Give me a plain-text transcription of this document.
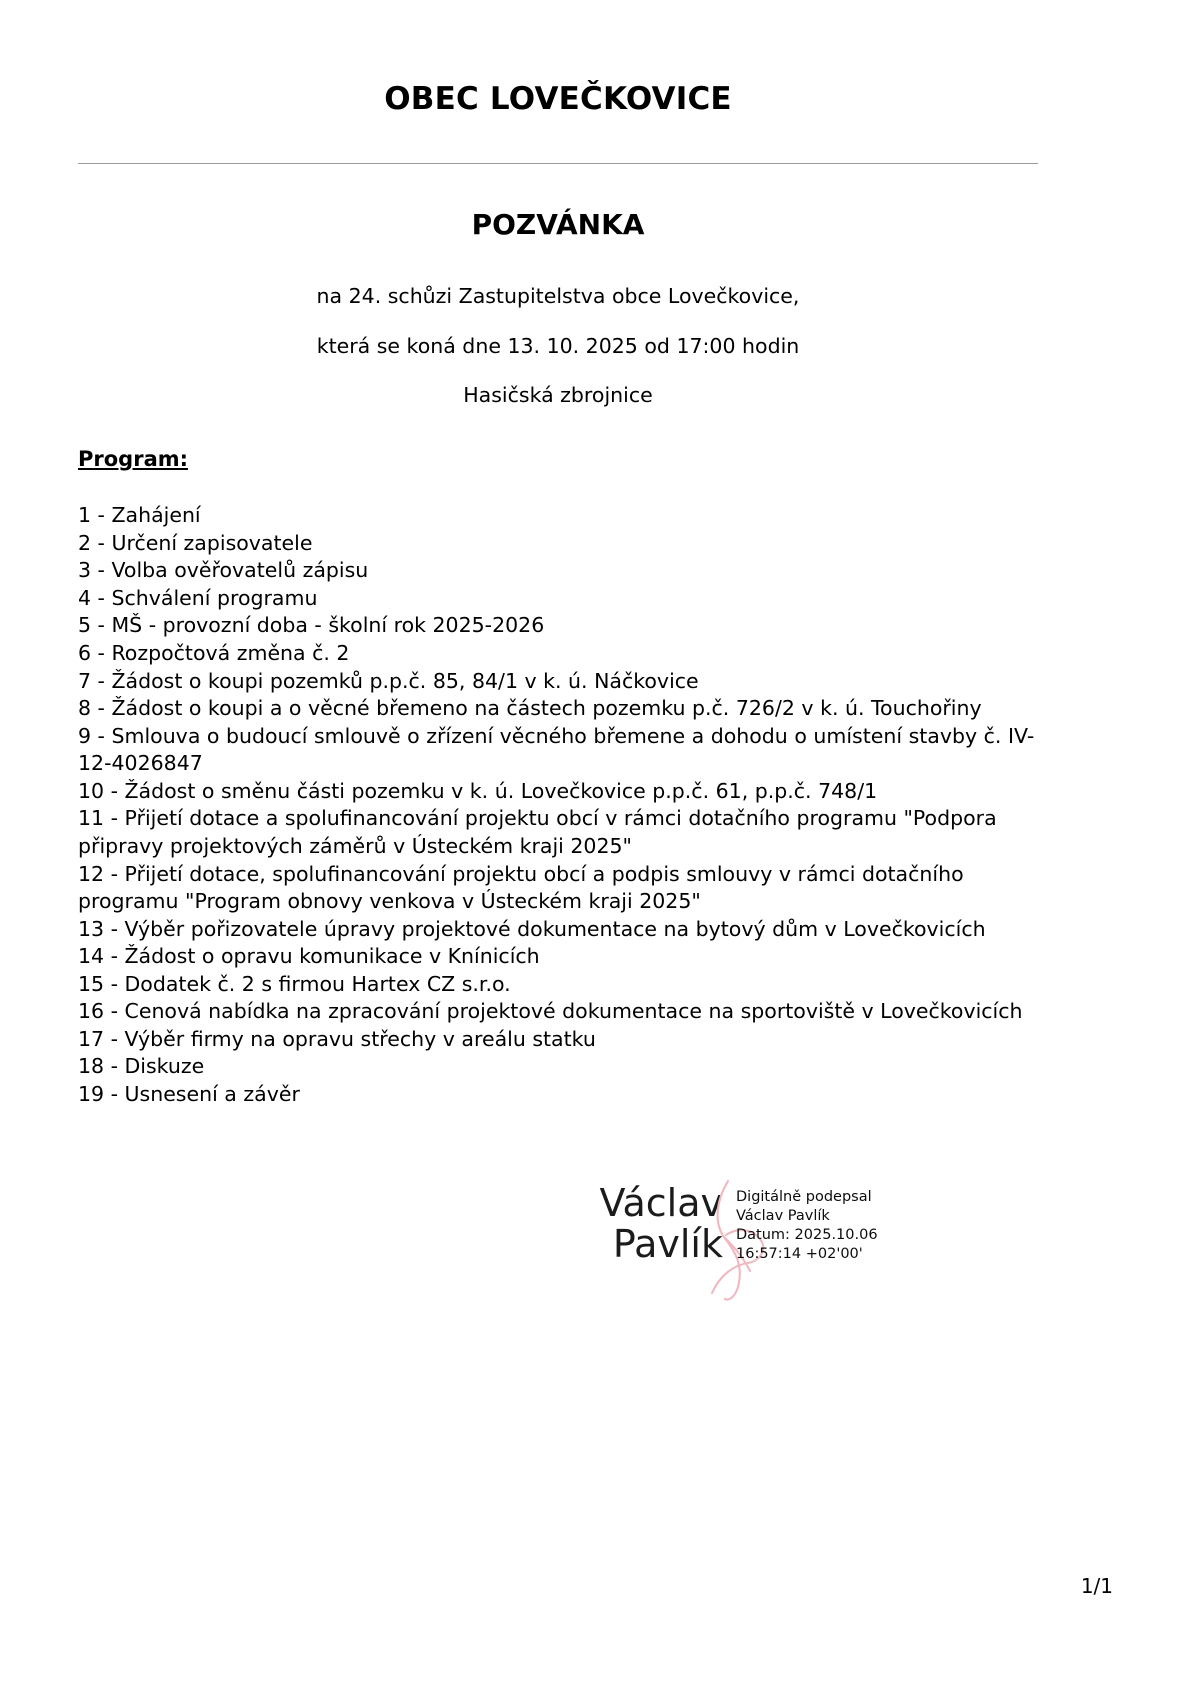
OBEC LOVEČKOVICE
POZVÁNKA

na 24. schůzi Zastupitelstva obce Lovečkovice,

která se koná dne 13. 10. 2025 od 17:00 hodin

Hasičská zbrojnice

Program:

1 - Zahájení
2 - Určení zapisovatele
3 - Volba ověřovatelů zápisu
4 - Schválení programu
5 - MŠ - provozní doba - školní rok 2025-2026
6 - Rozpočtová změna č. 2
7 - Žádost o koupi pozemků p.p.č. 85, 84/1 v k. ú. Náčkovice
8 - Žádost o koupi a o věcné břemeno na částech pozemku p.č. 726/2 v k. ú. Touchořiny
9 - Smlouva o budoucí smlouvě o zřízení věcného břemene a dohodu o umístení stavby č. IV-12-4026847
10 - Žádost o směnu části pozemku v k. ú. Lovečkovice p.p.č. 61, p.p.č. 748/1
11 - Přijetí dotace a spolufinancování projektu obcí v rámci dotačního programu "Podpora připravy projektových záměrů v Ústeckém kraji 2025"
12 - Přijetí dotace, spolufinancování projektu obcí a podpis smlouvy v rámci dotačního programu "Program obnovy venkova v Ústeckém kraji 2025"
13 - Výběr pořizovatele úpravy projektové dokumentace na bytový dům v Lovečkovicích
14 - Žádost o opravu komunikace v Knínicích
15 - Dodatek č. 2 s firmou Hartex CZ s.r.o.
16 - Cenová nabídka na zpracování projektové dokumentace na sportoviště v Lovečkovicích
17 - Výběr firmy na opravu střechy v areálu statku
18 - Diskuze
19 - Usnesení a závěr
Václav
Pavlík
Digitálně podepsal
Václav Pavlík
Datum: 2025.10.06
16:57:14 +02'00'
1/1
